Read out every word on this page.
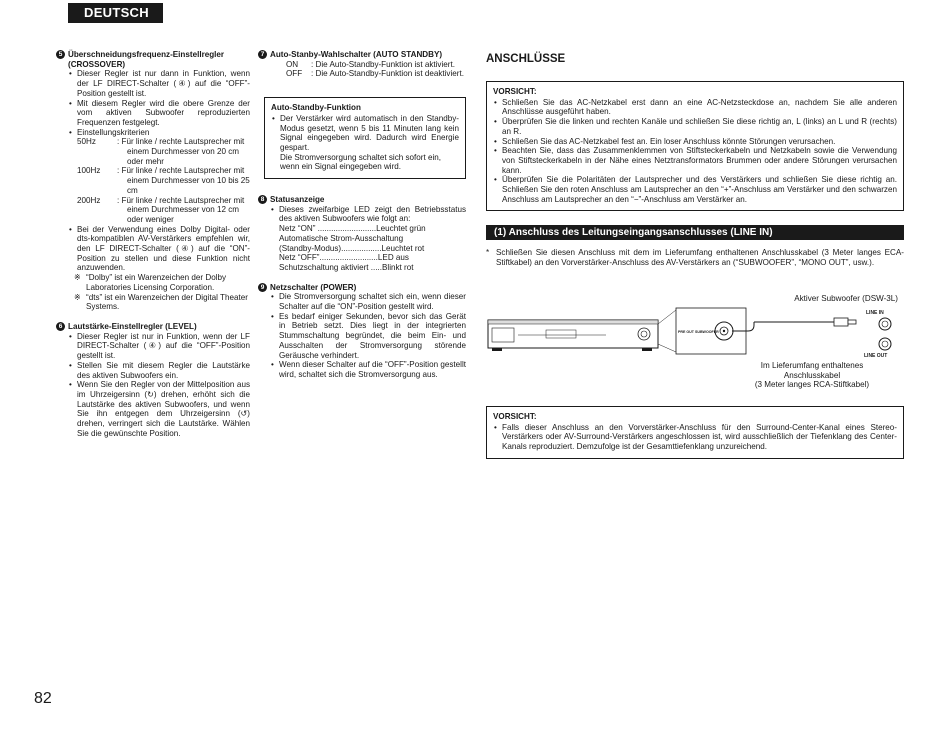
DEUTSCH
5 Überschneidungsfrequenz-Einstellregler (CROSSOVER)
• Dieser Regler ist nur dann in Funktion, wenn der LF DIRECT-Schalter (④) auf die “OFF”-Position gestellt ist.
• Mit diesem Regler wird die obere Grenze der vom aktiven Subwoofer reproduzierten Frequenzen festgelegt.
• Einstellungskriterien
50Hz	: Für linke / rechte Lautsprecher mit einem Durchmesser von 20 cm oder mehr
100Hz	: Für linke / rechte Lautsprecher mit einem Durchmesser von 10 bis 25 cm
200Hz	: Für linke / rechte Lautsprecher mit einem Durchmesser von 12 cm oder weniger
• Bei der Verwendung eines Dolby Digital- oder dts-kompatiblen AV-Verstärkers empfehlen wir, den LF DIRECT-Schalter (④) auf die “ON”-Position zu stellen und diese Funktion nicht anzuwenden.
※ “Dolby” ist ein Warenzeichen der Dolby Laboratories Licensing Corporation.
※ “dts” ist ein Warenzeichen der Digital Theater Systems.
6 Lautstärke-Einstellregler (LEVEL)
• Dieser Regler ist nur in Funktion, wenn der LF DIRECT-Schalter (④) auf die “OFF”-Position gestellt ist.
• Stellen Sie mit diesem Regler die Lautstärke des aktiven Subwoofers ein.
• Wenn Sie den Regler von der Mittelposition aus im Uhrzeigersinn (↻) drehen, erhöht sich die Lautstärke des aktiven Subwoofers, und wenn Sie ihn entgegen dem Uhrzeigersinn (↺) drehen, verringert sich die Lautstärke. Wählen Sie die gewünschte Position.
7 Auto-Stanby-Wahlschalter (AUTO STANDBY)
ON	: Die Auto-Standby-Funktion ist aktiviert.
OFF	: Die Auto-Standby-Funktion ist deaktiviert.
Auto-Standby-Funktion
• Der Verstärker wird automatisch in den Standby-Modus gesetzt, wenn 5 bis 11 Minuten lang kein Signal eingegeben wird. Dadurch wird Energie gespart.
Die Stromversorgung schaltet sich sofort ein, wenn ein Signal eingegeben wird.
8 Statusanzeige
• Dieses zweifarbige LED zeigt den Betriebsstatus des aktiven Subwoofers wie folgt an:
Netz “ON” ..........................Leuchtet grün
Automatische Strom-Ausschaltung
(Standby-Modus)..................Leuchtet rot
Netz “OFF”..........................LED aus
Schutzschaltung aktiviert .....Blinkt rot
9 Netzschalter (POWER)
• Die Stromversorgung schaltet sich ein, wenn dieser Schalter auf die “ON”-Position gestellt wird.
• Es bedarf einiger Sekunden, bevor sich das Gerät in Betrieb setzt. Dies liegt in der integrierten Stummschaltung begründet, die beim Ein- und Ausschalten der Stromversorgung störende Geräusche verhindert.
• Wenn dieser Schalter auf die “OFF”-Position gestellt wird, schaltet sich die Stromversorgung aus.
ANSCHLÜSSE
VORSICHT:
• Schließen Sie das AC-Netzkabel erst dann an eine AC-Netzsteckdose an, nachdem Sie alle anderen Anschlüsse ausgeführt haben.
• Überprüfen Sie die linken und rechten Kanäle und schließen Sie diese richtig an, L (links) an L und R (rechts) an R.
• Schließen Sie das AC-Netzkabel fest an. Ein loser Anschluss könnte Störungen verursachen.
• Beachten Sie, dass das Zusammenklemmen von Stiftsteckerkabeln und Netzkabeln sowie die Verwendung von Stiftsteckerkabeln in der Nähe eines Netztransformators Brummen oder andere Störungen verursachen kann.
• Überprüfen Sie die Polaritäten der Lautsprecher und des Verstärkers und schließen Sie diese richtig an. Schließen Sie den roten Anschluss am Lautsprecher an den “+”-Anschluss am Verstärker und den schwarzen Anschluss am Lautsprecher an den “−”-Anschluss am Verstärker an.
(1) Anschluss des Leitungseingangsanschlusses (LINE IN)
* Schließen Sie diesen Anschluss mit dem im Lieferumfang enthaltenen Anschlusskabel (3 Meter langes ECA-Stiftkabel) an den Vorverstärker-Anschluss des AV-Verstärkers an (“SUBWOOFER”, “MONO OUT”, usw.).
Aktiver Subwoofer (DSW-3L)
LINE IN
LINE OUT
PRE OUT SUBWOOFER
Im Lieferumfang enthaltenes
Anschlusskabel
(3 Meter langes RCA-Stiftkabel)
VORSICHT:
• Falls dieser Anschluss an den Vorverstärker-Anschluss für den Surround-Center-Kanal eines Stereo-Verstärkers oder AV-Surround-Verstärkers angeschlossen ist, wird ausschließlich der Tiefenklang des Center-Kanals reproduziert. Demzufolge ist der Gesamttiefenklang unzureichend.
82
